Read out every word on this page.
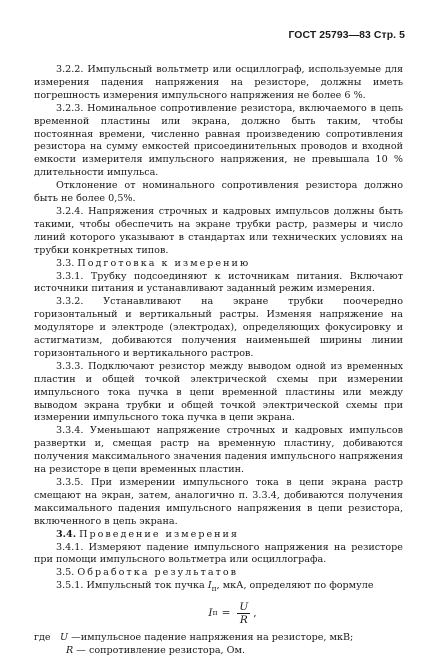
ГОСТ 25793—83 Стр. 5

3.2.2. Импульсный вольтметр или осциллограф, используемые для измерения падения напряжения на резисторе, должны иметь погрешность измерения импульсного напряжения не более 6 %.

3.2.3. Номинальное сопротивление резистора, включаемого в цепь временной пластины или экрана, должно быть таким, чтобы постоянная времени, численно равная произведению сопротивления резистора на сумму емкостей присоединительных проводов и входной емкости измерителя импульсного напряжения, не превышала 10 % длительности импульса.

Отклонение от номинального сопротивления резистора должно быть не более 0,5%.

3.2.4. Напряжения строчных и кадровых импульсов должны быть такими, чтобы обеспечить на экране трубки растр, размеры и число линий которого указывают в стандартах или технических условиях на трубки конкретных типов.

3.3. Подготовка к измерению

3.3.1. Трубку подсоединяют к источникам питания. Включают источники питания и устанавливают заданный режим измерения.

3.3.2. Устанавливают на экране трубки поочередно горизонтальный и вертикальный растры. Изменяя напряжение на модуляторе и электроде (электродах), определяющих фокусировку и астигматизм, добиваются получения наименьшей ширины линии горизонтального и вертикального растров.

3.3.3. Подключают резистор между выводом одной из временных пластин и общей точкой электрической схемы при измерении импульсного тока пучка в цепи временной пластины или между выводом экрана трубки и общей точкой электрической схемы при измерении импульсного тока пучка в цепи экрана.

3.3.4. Уменьшают напряжение строчных и кадровых импульсов развертки и, смещая растр на временную пластину, добиваются получения максимального значения падения импульсного напряжения на резисторе в цепи временных пластин.

3.3.5. При измерении импульсного тока в цепи экрана растр смещают на экран, затем, аналогично п. 3.3.4, добиваются получения максимального падения импульсного напряжения в цепи резистора, включенного в цепь экрана.

3.4. Проведение измерения

3.4.1. Измеряют падение импульсного напряжения на резисторе при помощи импульсного вольтметра или осциллографа.

3.5. Обработка результатов

3.5.1. Импульсный ток пучка $I_п$, мкА, определяют по формуле

I $п = \frac{U}{R}$ ,
где U —импульсное падение напряжения на резисторе, мкВ;
R — сопротивление резистора, Ом.
